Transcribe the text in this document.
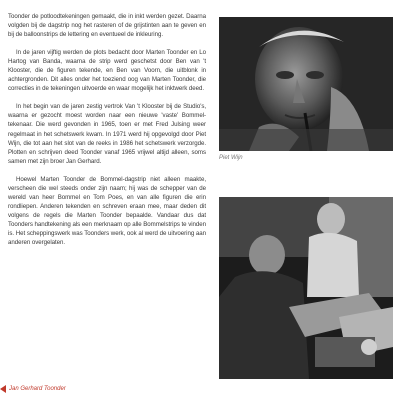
Toonder de potloodtekeningen gemaakt, die in inkt werden gezet. Daarna volgden bij de dagstrip nog het rasteren of de grijstinten aan te geven en bij de balloonstrips de lettering en eventueel de inkleuring.

In de jaren vijftig werden de plots bedacht door Marten Toonder en Lo Hartog van Banda, waarna de strip werd geschetst door Ben van 't Klooster, die de figuren tekende, en Ben van Voorn, die uitblonk in achtergronden. Dit alles onder het toeziend oog van Marten Toonder, die correcties in de tekeningen uitvoerde en waar mogelijk het inktwerk deed.

In het begin van de jaren zestig vertrok Van 't Klooster bij de Studio's, waarna er gezocht moest worden naar een nieuwe 'vaste' Bommel-tekenaar. Die werd gevonden in 1965, toen er met Fred Julsing weer regelmaat in het schetswerk kwam. In 1971 werd hij opgevolgd door Piet Wijn, die tot aan het slot van de reeks in 1986 het schetswerk verzorgde. Plotten en schrijven deed Toonder vanaf 1965 vrijwel altijd alleen, soms samen met zijn broer Jan Gerhard.

Hoewel Marten Toonder de Bommel-dagstrip niet alleen maakte, verscheen die wel steeds onder zijn naam; hij was de schepper van de wereld van heer Bommel en Tom Poes, en van alle figuren die erin rondliepen. Anderen tekenden en schreven eraan mee, maar deden dit volgens de regels die Marten Toonder bepaalde. Vandaar dus dat Toonders handtekening als een merknaam op alle Bommelstrips te vinden is. Het scheppingswerk was Toonders werk, ook al werd de uitvoering aan anderen overgelaten.

Piet Wijn
Jan Gerhard Toonder
